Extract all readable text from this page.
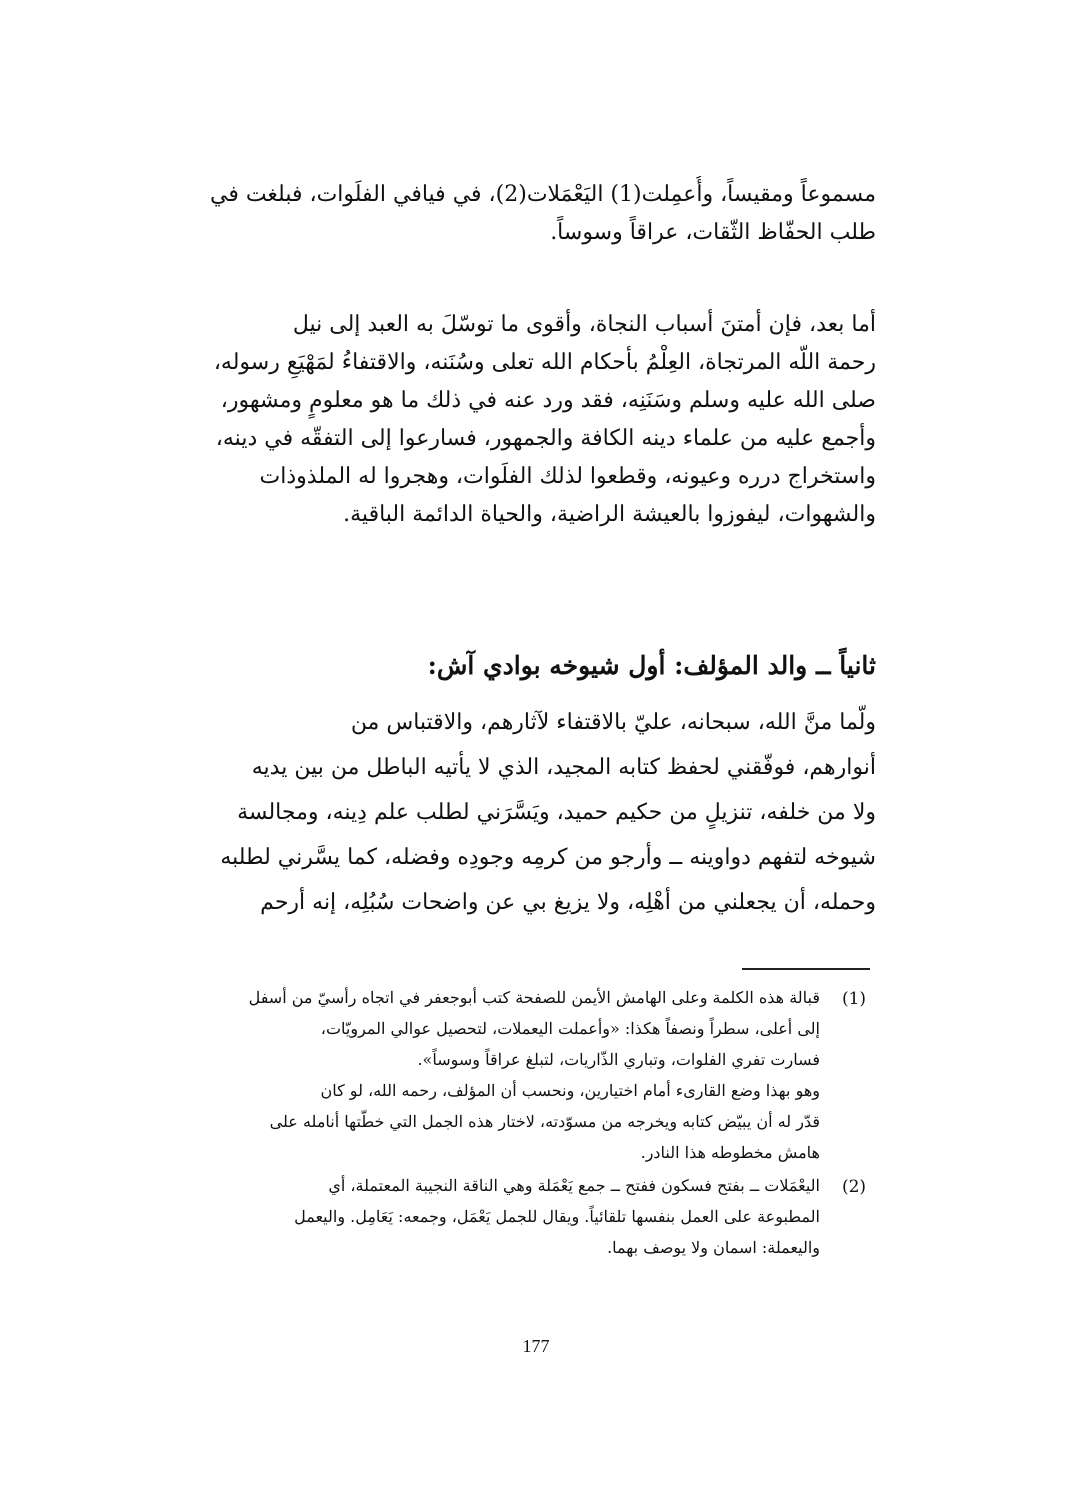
مسموعاً ومقيساً، وأُعمِلت(1) اليَعْمَلات(2)، في فيافي الفلَوات، فبلغت في
طلب الحفّاظ الثّقات، عراقاً وسوساً.
أما بعد، فإن أمتنَ أسباب النجاة، وأقوى ما توسّلَ به العبد إلى نيل
رحمة اللّه المرتجاة، العِلْمُ بأحكام الله تعلى وسُنَنه، والاقتفاءُ لمَهْيَعِ رسوله،
صلى الله عليه وسلم وسَنَنِه، فقد ورد عنه في ذلك ما هو معلومٍ ومشهور،
وأجمع عليه من علماء دينه الكافة والجمهور، فسارعوا إلى التفقّه في دينه،
واستخراج درره وعيونه، وقطعوا لذلك الفلَوات، وهجروا له الملذوذات
والشهوات، ليفوزوا بالعيشة الراضية، والحياة الدائمة الباقية.
ثانياً ــ والد المؤلف: أول شيوخه بوادي آش:
ولّما منَّ الله، سبحانه، عليّ بالاقتفاء لآثارهم، والاقتباس من
أنوارهم، فوفّقني لحفظ كتابه المجيد، الذي لا يأتيه الباطل من بين يديه
ولا من خلفه، تنزيلٍ من حكيم حميد، ويَسَّرَني لطلب علم دِينه، ومجالسة
شيوخه لتفهم دواوينه ــ وأرجو من كرمِه وجودِه وفضله، كما يسَّرني لطلبه
وحمله، أن يجعلني من أهْلِه، ولا يزيغ بي عن واضحات سُبُلِه، إنه أرحم
(1)
قبالة هذه الكلمة وعلى الهامش الأيمن للصفحة كتب أبوجعفر في اتجاه رأسيّ من أسفل
إلى أعلى، سطراً ونصفاً هكذا: «وأعملت اليعملات، لتحصيل عوالي المرويّات،
فسارت تفري الفلوات، وتباري الذّاريات، لتبلغ عراقاً وسوساً».
وهو بهذا وضع القارىء أمام اختيارين، ونحسب أن المؤلف، رحمه الله، لو كان
قدّر له أن يبيّض كتابه ويخرجه من مسوّدته، لاختار هذه الجمل التي خطّتها أنامله على
هامش مخطوطه هذا النادر.
(2)
اليعْمَلات ــ بفتح فسكون ففتح ــ جمع يَعْمَلة وهي الناقة النجيبة المعتملة، أي
المطبوعة على العمل بنفسها تلقائياً. ويقال للجمل يَعْمَل، وجمعه: يَعَامِل. واليعمل
واليعملة: اسمان ولا يوصف بهما.
177
